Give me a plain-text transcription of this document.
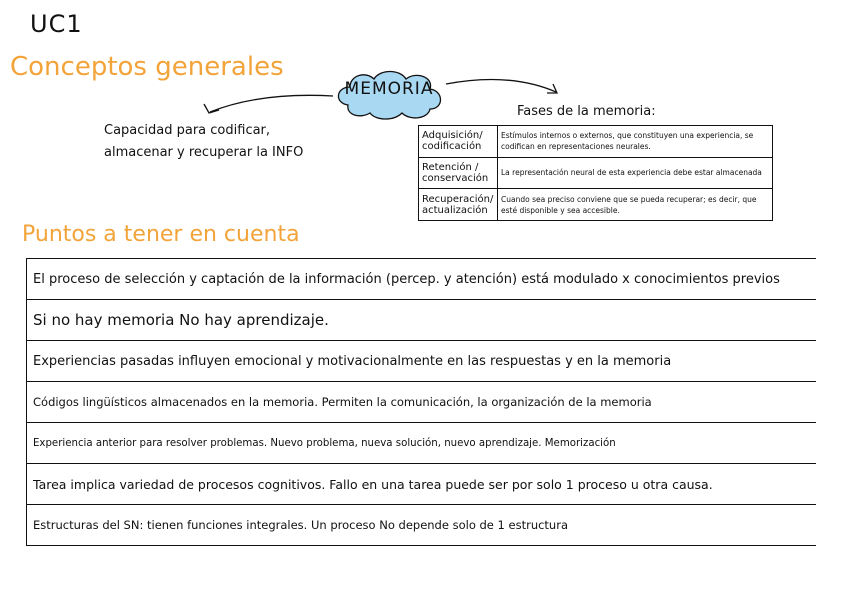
UC1
Conceptos generales
MEMORIA
Capacidad para codificar, almacenar y recuperar la INFO
Fases de la memoria:
Adquisición/ codificación	Estímulos internos o externos, que constituyen una experiencia, se codifican en representaciones neurales.
Retención / conservación	La representación neural de esta experiencia debe estar almacenada
Recuperación/ actualización	Cuando sea preciso conviene que se pueda recuperar; es decir, que esté disponible y sea accesible.
Puntos a tener en cuenta
El proceso de selección y captación de la información (percep. y atención) está modulado x conocimientos previos
Si no hay memoria No hay aprendizaje.
Experiencias pasadas influyen emocional y motivacionalmente en las respuestas y en la memoria
Códigos lingüísticos almacenados en la memoria. Permiten la comunicación, la organización de la memoria
Experiencia anterior para resolver problemas. Nuevo problema, nueva solución, nuevo aprendizaje. Memorización
Tarea implica variedad de procesos cognitivos. Fallo en una tarea puede ser por solo 1 proceso u otra causa.
Estructuras del SN: tienen funciones integrales. Un proceso No depende solo de 1 estructura
